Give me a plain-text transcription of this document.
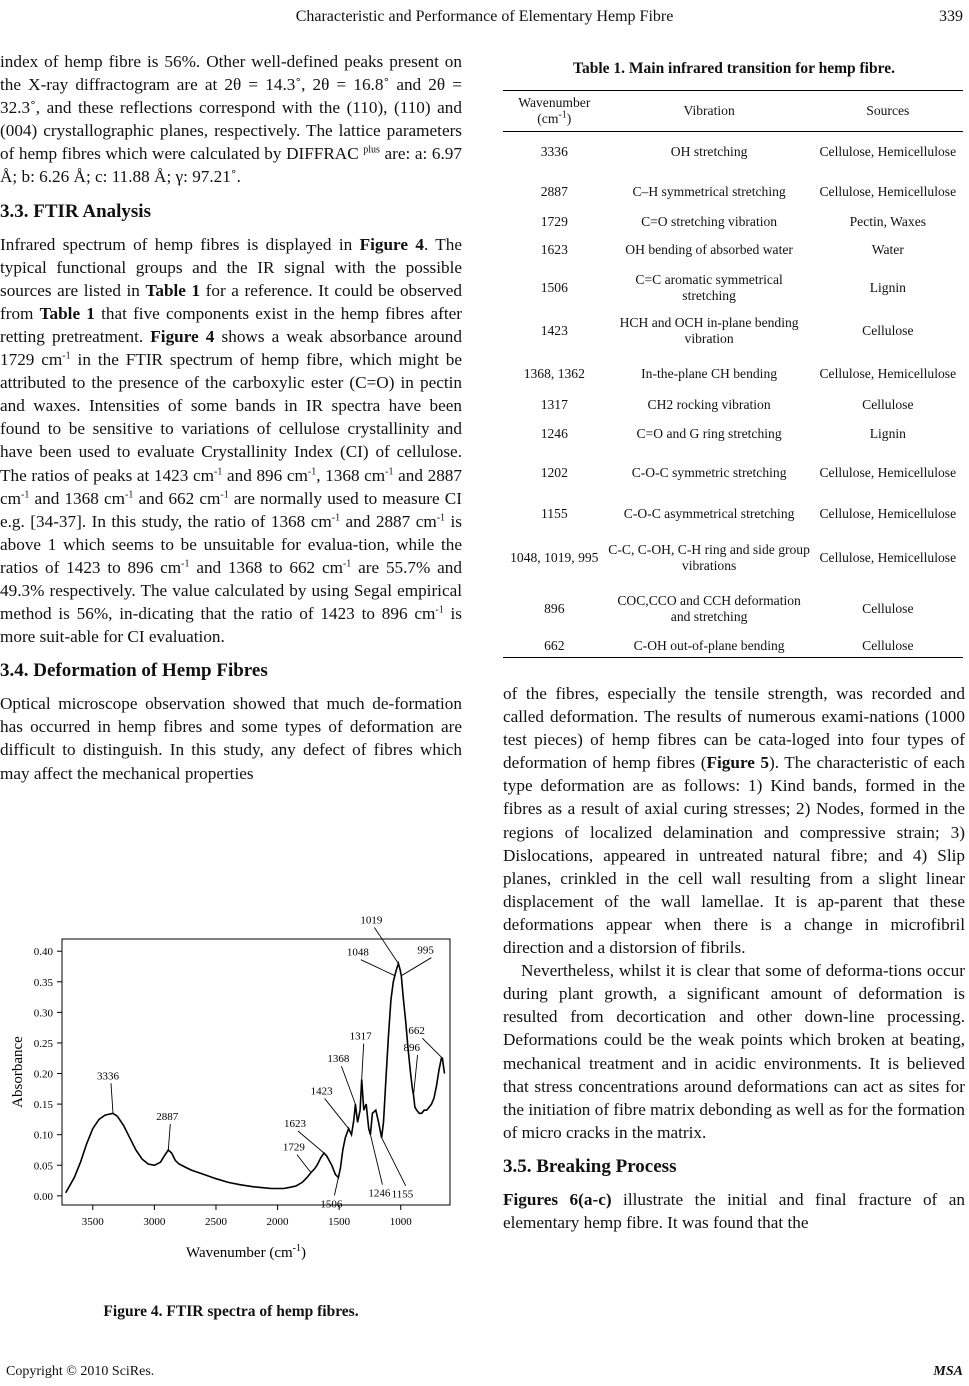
Characteristic and Performance of Elementary Hemp Fibre	339

index of hemp fibre is 56%. Other well-defined peaks present on the X-ray diffractogram are at 2θ = 14.3˚, 2θ = 16.8˚ and 2θ = 32.3˚, and these reflections correspond with the (110), (110) and (004) crystallographic planes, respectively. The lattice parameters of hemp fibres which were calculated by DIFFRAC $^{plus}$ are: a: 6.97 Å; b: 6.26 Å; c: 11.88 Å; γ: 97.21˚.

3.3. FTIR Analysis

Infrared spectrum of hemp fibres is displayed in Figure 4. The typical functional groups and the IR signal with the possible sources are listed in Table 1 for a reference. It could be observed from Table 1 that five components exist in the hemp fibres after retting pretreatment. Figure 4 shows a weak absorbance around 1729 $cm^{-1}$ in the FTIR spectrum of hemp fibre, which might be attributed to the presence of the carboxylic ester (C=O) in pectin and waxes. Intensities of some bands in IR spectra have been found to be sensitive to variations of cellulose crystallinity and have been used to evaluate Crystallinity Index (CI) of cellulose. The ratios of peaks at 1423 $cm^{-1}$ and 896 $cm^{-1}$, 1368 $cm^{-1}$ and 2887 $cm^{-1}$ and 1368 $cm^{-1}$ and 662 $cm^{-1}$ are normally used to measure CI e.g. [34-37]. In this study, the ratio of 1368 $cm^{-1}$ and 2887 $cm^{-1}$ is above 1 which seems to be unsuitable for evalua-tion, while the ratios of 1423 to 896 $cm^{-1}$ and 1368 to 662 $cm^{-1}$ are 55.7% and 49.3% respectively. The value calculated by using Segal empirical method is 56%, in-dicating that the ratio of 1423 to 896 $cm^{-1}$ is more suit-able for CI evaluation.

3.4. Deformation of Hemp Fibres

Optical microscope observation showed that much de-formation has occurred in hemp fibres and some types of deformation are difficult to distinguish. In this study, any defect of fibres which may affect the mechanical properties

3500	3000	2500	2000	1500	1000
0.00
0.05
0.10
0.15
0.20
0.25
0.30
0.35
0.40
Absorbance
Wavenumber $(cm^{-1})$
3336
2887
1729
1623
1423
1368
1317
1506
1246 1155
1048
1019
995
896
662
Figure 4. FTIR spectra of hemp fibres.
Table 1. Main infrared transition for hemp fibre.
Wavenumber $(cm^{-1})$	Vibration	Sources
3336	OH stretching	Cellulose, Hemicellulose
2887	C–H symmetrical stretching	Cellulose, Hemicellulose
1729	C=O stretching vibration	Pectin, Waxes
1623	OH bending of absorbed water	Water
1506	C=C aromatic symmetrical stretching	Lignin
1423	HCH and OCH in-plane bending vibration	Cellulose
1368, 1362	In-the-plane CH bending	Cellulose, Hemicellulose
1317	CH2 rocking vibration	Cellulose
1246	C=O and G ring stretching	Lignin
1202	C-O-C symmetric stretching	Cellulose, Hemicellulose
1155	C-O-C asymmetrical stretching	Cellulose, Hemicellulose
1048, 1019, 995	C-C, C-OH, C-H ring and side group vibrations	Cellulose, Hemicellulose
896	COC,CCO and CCH deformation and stretching	Cellulose
662	C-OH out-of-plane bending	Cellulose

of the fibres, especially the tensile strength, was recorded and called deformation. The results of numerous exami-nations (1000 test pieces) of hemp fibres can be cata-loged into four types of deformation of hemp fibres (Figure 5). The characteristic of each type deformation are as follows: 1) Kind bands, formed in the fibres as a result of axial curing stresses; 2) Nodes, formed in the regions of localized delamination and compressive strain; 3) Dislocations, appeared in untreated natural fibre; and 4) Slip planes, crinkled in the cell wall resulting from a slight linear displacement of the wall lamellae. It is ap-parent that these deformations appear when there is a change in microfibril direction and a distorsion of fibrils.

Nevertheless, whilst it is clear that some of deforma-tions occur during plant growth, a significant amount of deformation is resulted from decortication and other down-line processing. Deformations could be the weak points which broken at beating, mechanical treatment and in acidic environments. It is believed that stress concentrations around deformations can act as sites for the initiation of fibre matrix debonding as well as for the formation of micro cracks in the matrix.

3.5. Breaking Process

Figures 6(a-c) illustrate the initial and final fracture of an elementary hemp fibre. It was found that the

Copyright © 2010 SciRes.	MSA
